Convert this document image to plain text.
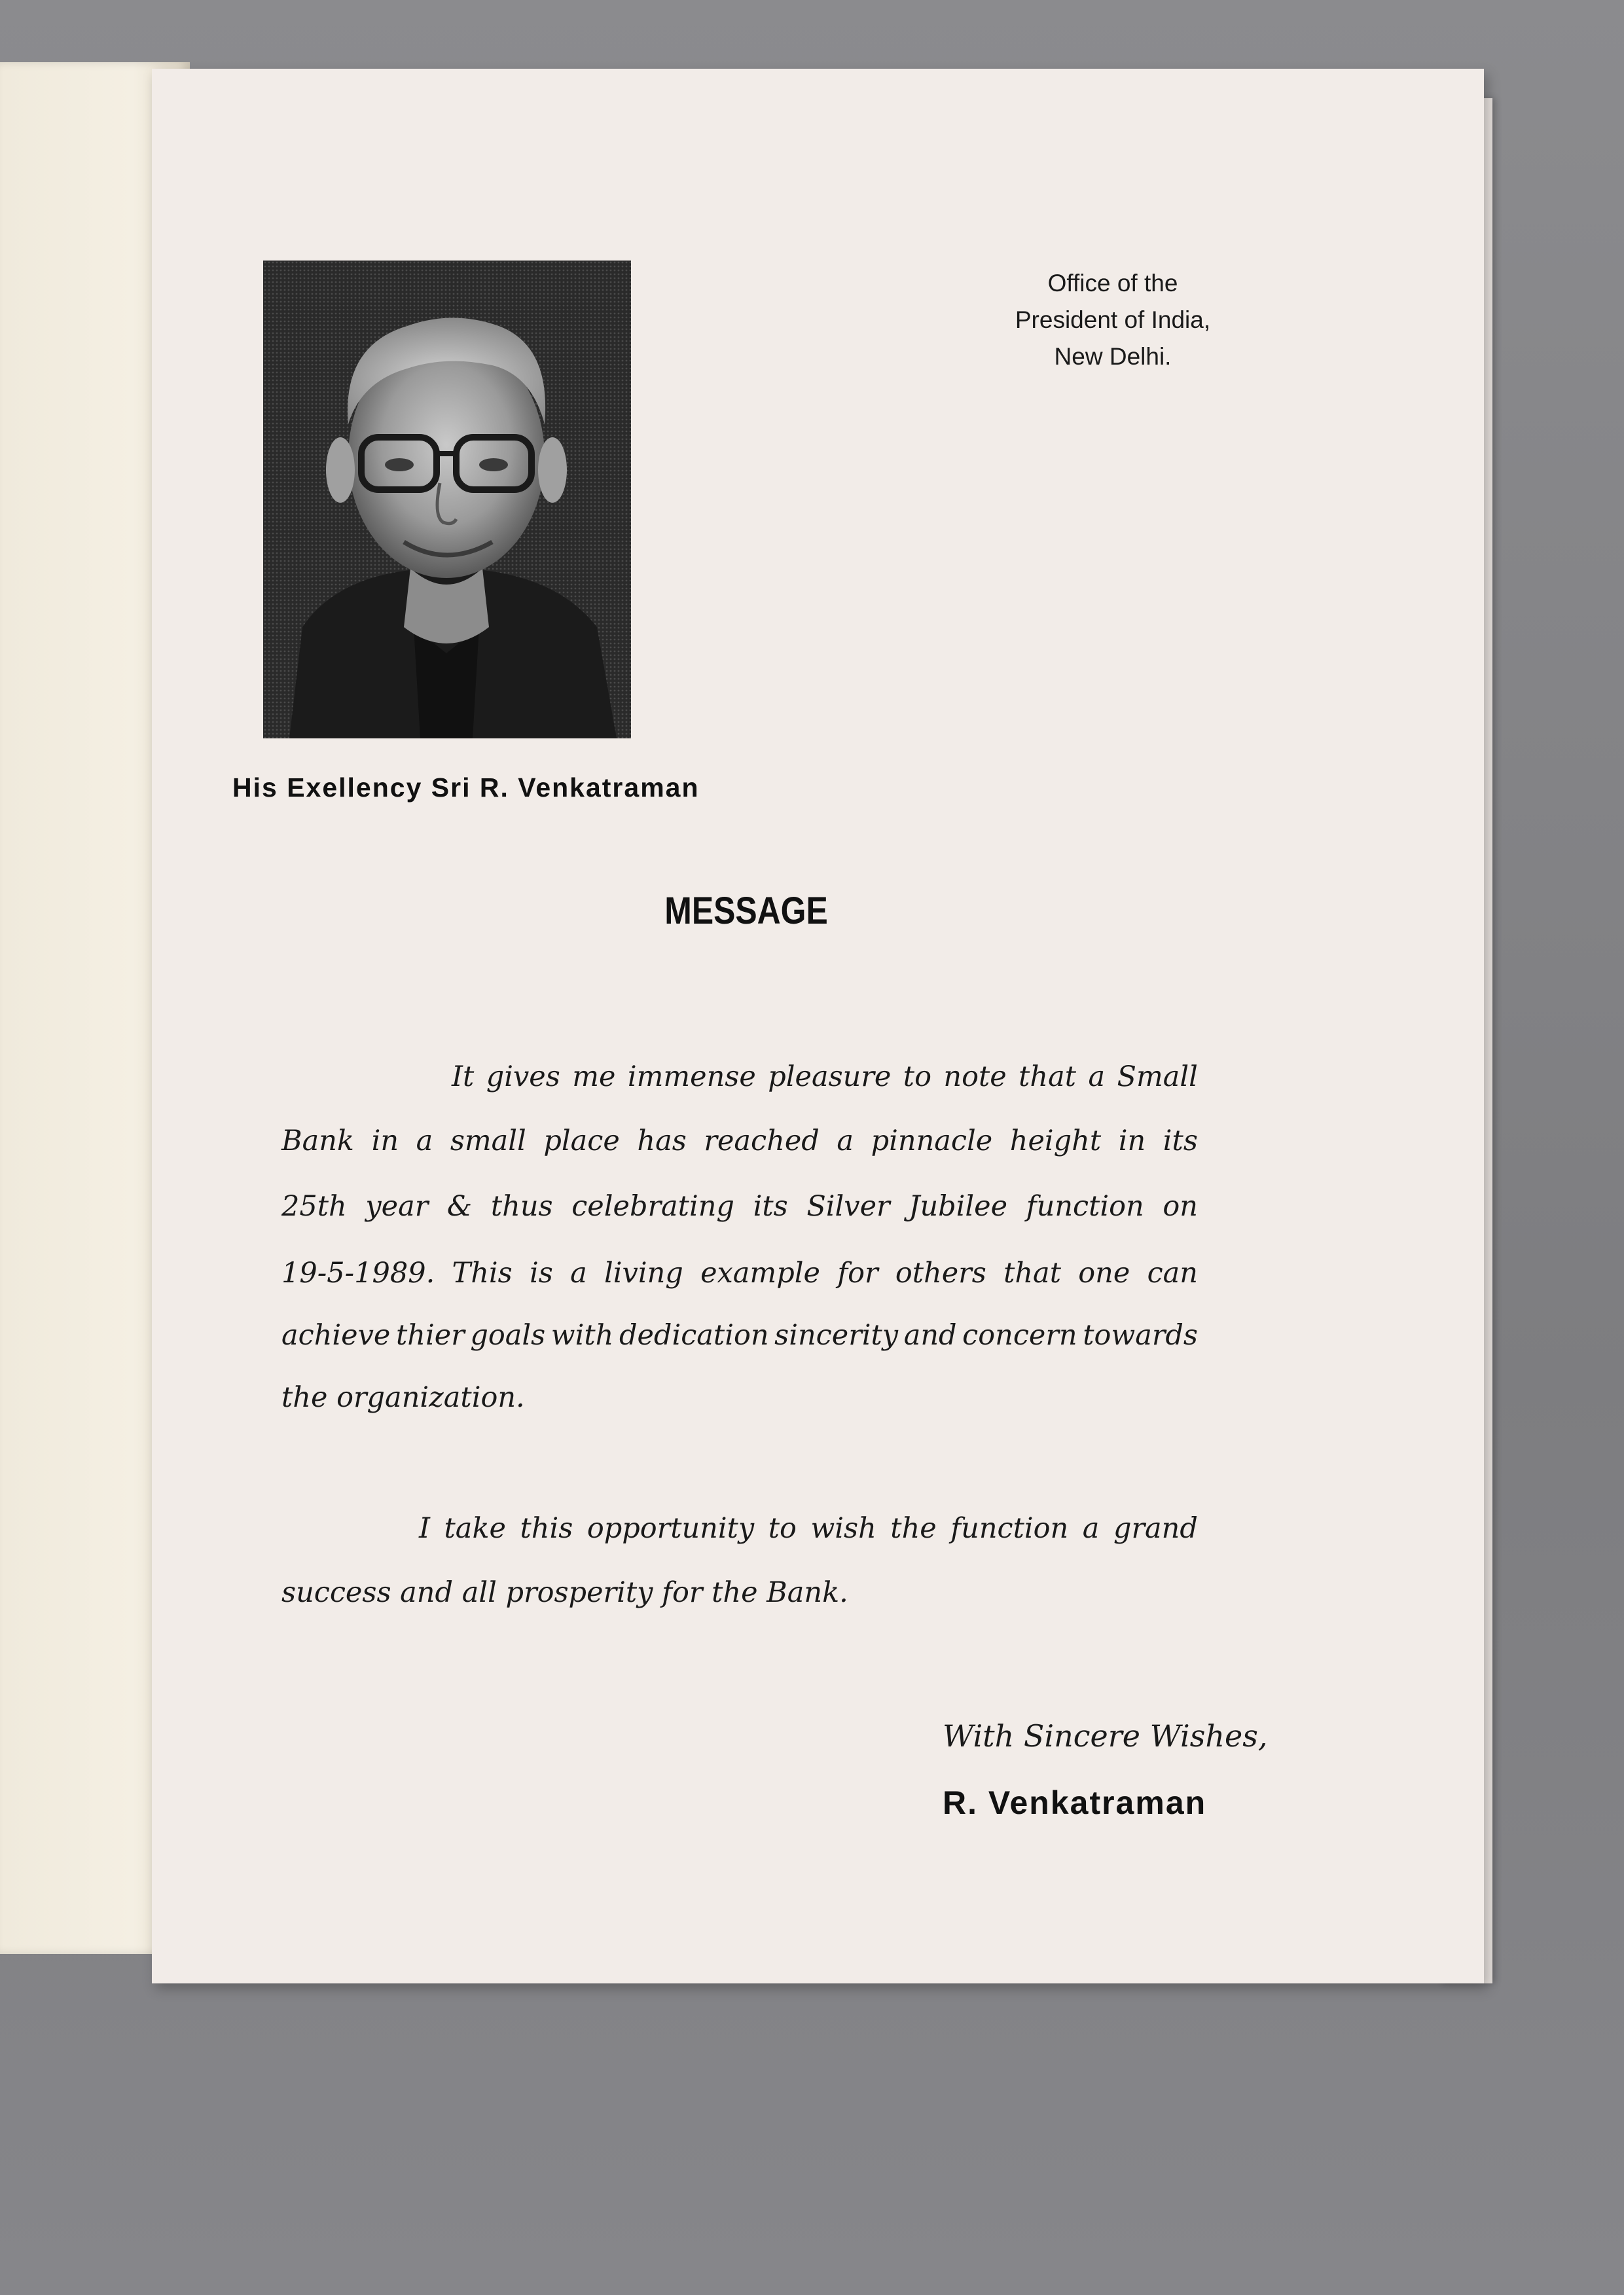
His Exellency Sri R. Venkatraman
Office of the
President of India,
New Delhi.
MESSAGE
It gives me immense pleasure to note that a Small
Bank in a small place has reached a pinnacle height in its
25th year & thus celebrating its Silver Jubilee function on
19-5-1989. This is a living example for others that one can
achieve thier goals with dedication sincerity and concern towards
the organization.
I take this opportunity to wish the function a grand
success and all prosperity for the Bank.
With Sincere Wishes,
R. Venkatraman
